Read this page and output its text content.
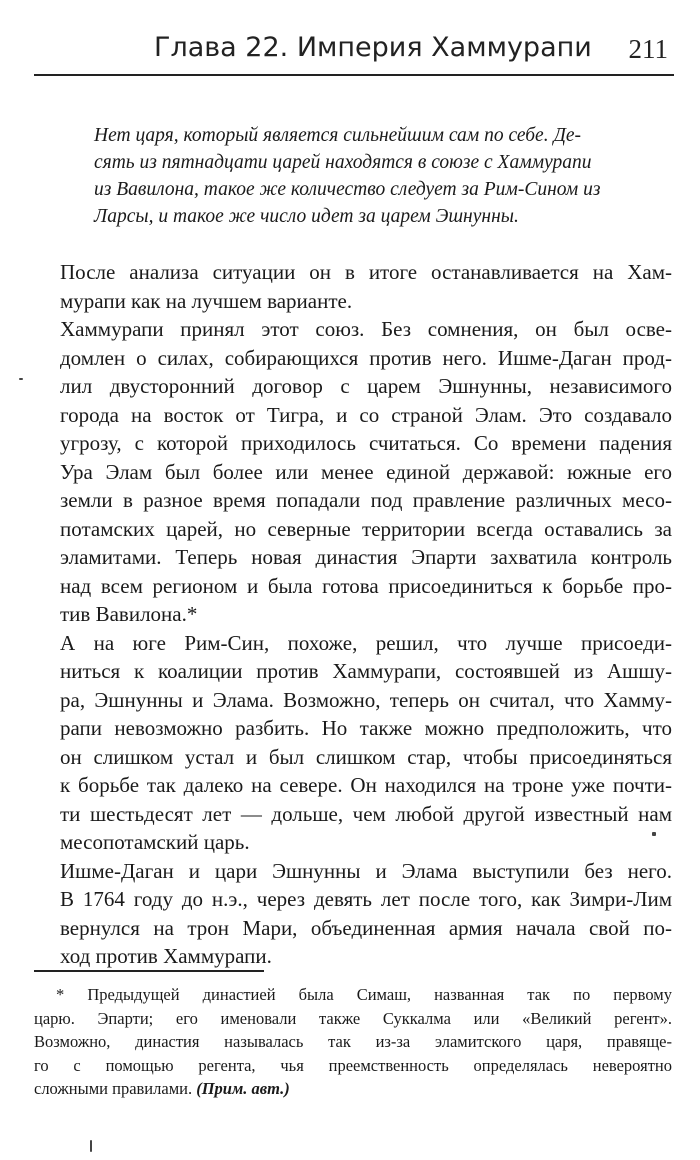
Глава 22. Империя Хаммурапи 211
Нет царя, который является сильнейшим сам по себе. Де-
сять из пятнадцати царей находятся в союзе с Хаммурапи
из Вавилона, такое же количество следует за Рим-Сином из
Ларсы, и такое же число идет за царем Эшнунны.
После анализа ситуации он в итоге останавливается на Хам-
мурапи как на лучшем варианте.
Хаммурапи принял этот союз. Без сомнения, он был осве-
домлен о силах, собирающихся против него. Ишме-Даган прод-
лил двусторонний договор с царем Эшнунны, независимого
города на восток от Тигра, и со страной Элам. Это создавало
угрозу, с которой приходилось считаться. Со времени падения
Ура Элам был более или менее единой державой: южные его
земли в разное время попадали под правление различных месо-
потамских царей, но северные территории всегда оставались за
эламитами. Теперь новая династия Эпарти захватила контроль
над всем регионом и была готова присоединиться к борьбе про-
тив Вавилона.*
А на юге Рим-Син, похоже, решил, что лучше присоеди-
ниться к коалиции против Хаммурапи, состоявшей из Ашшу-
ра, Эшнунны и Элама. Возможно, теперь он считал, что Хамму-
рапи невозможно разбить. Но также можно предположить, что
он слишком устал и был слишком стар, чтобы присоединяться
к борьбе так далеко на севере. Он находился на троне уже почти-
ти шестьдесят лет — дольше, чем любой другой известный нам
месопотамский царь.
Ишме-Даган и цари Эшнунны и Элама выступили без него.
В 1764 году до н.э., через девять лет после того, как Зимри-Лим
вернулся на трон Мари, объединенная армия начала свой по-
ход против Хаммурапи.
* Предыдущей династией была Симаш, названная так по первому
царю. Эпарти; его именовали также Суккалма или «Великий регент».
Возможно, династия называлась так из-за эламитского царя, правяще-
го с помощью регента, чья преемственность определялась невероятно
сложными правилами. (Прим. авт.)
